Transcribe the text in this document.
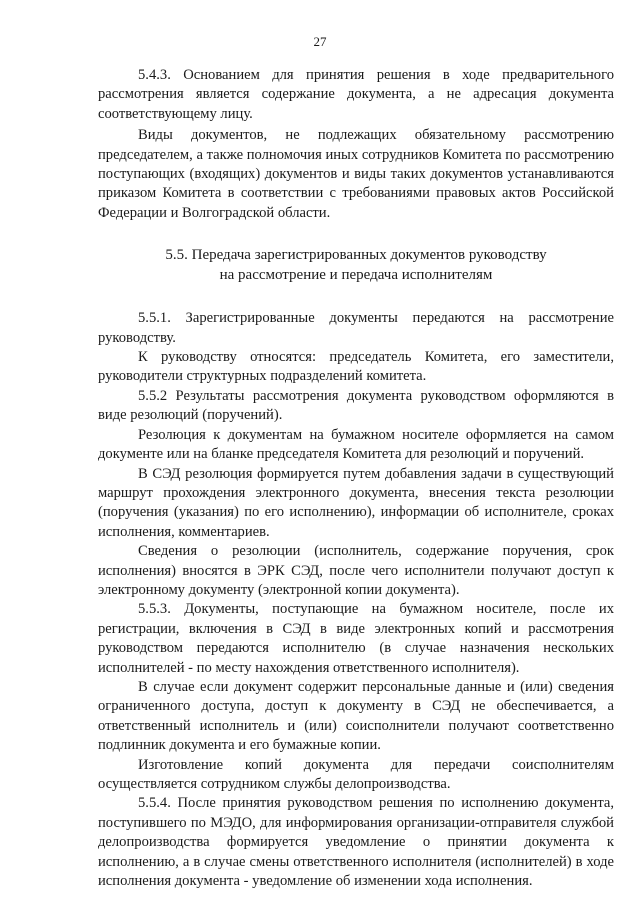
27

5.4.3. Основанием для принятия решения в ходе предварительного рассмотрения является содержание документа, а не адресация документа соответствующему лицу.

Виды документов, не подлежащих обязательному рассмотрению председателем, а также полномочия иных сотрудников Комитета по рассмотрению поступающих (входящих) документов и виды таких документов устанавливаются приказом Комитета в соответствии с требованиями правовых актов Российской Федерации и Волгоградской области.

5.5. Передача зарегистрированных документов руководству
на рассмотрение и передача исполнителям

5.5.1. Зарегистрированные документы передаются на рассмотрение руководству.

К руководству относятся: председатель Комитета, его заместители, руководители структурных подразделений комитета.

5.5.2 Результаты рассмотрения документа руководством оформляются в виде резолюций (поручений).

Резолюция к документам на бумажном носителе оформляется на самом документе или на бланке председателя Комитета для резолюций и поручений.

В СЭД резолюция формируется путем добавления задачи в существующий маршрут прохождения электронного документа, внесения текста резолюции (поручения (указания) по его исполнению), информации об исполнителе, сроках исполнения, комментариев.

Сведения о резолюции (исполнитель, содержание поручения, срок исполнения) вносятся в ЭРК СЭД, после чего исполнители получают доступ к электронному документу (электронной копии документа).

5.5.3. Документы, поступающие на бумажном носителе, после их регистрации, включения в СЭД в виде электронных копий и рассмотрения руководством передаются исполнителю (в случае назначения нескольких исполнителей - по месту нахождения ответственного исполнителя).

В случае если документ содержит персональные данные и (или) сведения ограниченного доступа, доступ к документу в СЭД не обеспечивается, а ответственный исполнитель и (или) соисполнители получают соответственно подлинник документа и его бумажные копии.

Изготовление копий документа для передачи соисполнителям осуществляется сотрудником службы делопроизводства.

5.5.4. После принятия руководством решения по исполнению документа, поступившего по МЭДО, для информирования организации-отправителя службой делопроизводства формируется уведомление о принятии документа к исполнению, а в случае смены ответственного исполнителя (исполнителей) в ходе исполнения документа - уведомление об изменении хода исполнения.
